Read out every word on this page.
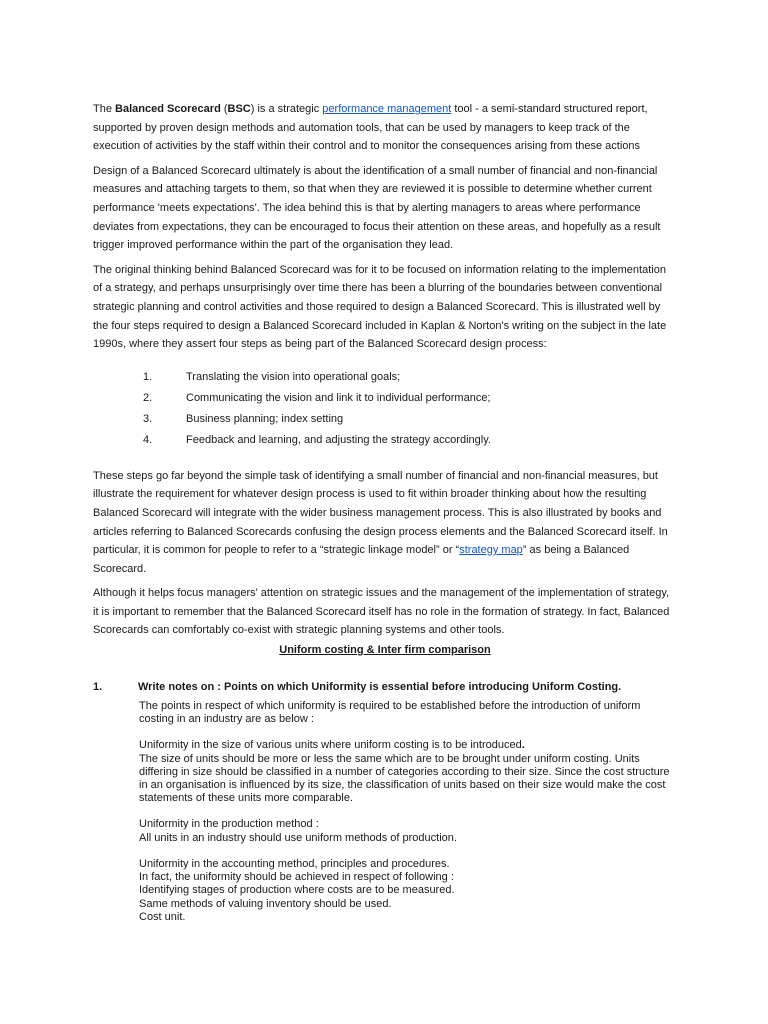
The Balanced Scorecard (BSC) is a strategic performance management tool - a semi-standard structured report, supported by proven design methods and automation tools, that can be used by managers to keep track of the execution of activities by the staff within their control and to monitor the consequences arising from these actions

Design of a Balanced Scorecard ultimately is about the identification of a small number of financial and non-financial measures and attaching targets to them, so that when they are reviewed it is possible to determine whether current performance 'meets expectations'. The idea behind this is that by alerting managers to areas where performance deviates from expectations, they can be encouraged to focus their attention on these areas, and hopefully as a result trigger improved performance within the part of the organisation they lead.

The original thinking behind Balanced Scorecard was for it to be focused on information relating to the implementation of a strategy, and perhaps unsurprisingly over time there has been a blurring of the boundaries between conventional strategic planning and control activities and those required to design a Balanced Scorecard. This is illustrated well by the four steps required to design a Balanced Scorecard included in Kaplan & Norton's writing on the subject in the late 1990s, where they assert four steps as being part of the Balanced Scorecard design process:

1.	Translating the vision into operational goals;
2.	Communicating the vision and link it to individual performance;
3.	Business planning; index setting
4.	Feedback and learning, and adjusting the strategy accordingly.

These steps go far beyond the simple task of identifying a small number of financial and non-financial measures, but illustrate the requirement for whatever design process is used to fit within broader thinking about how the resulting Balanced Scorecard will integrate with the wider business management process. This is also illustrated by books and articles referring to Balanced Scorecards confusing the design process elements and the Balanced Scorecard itself. In particular, it is common for people to refer to a “strategic linkage model” or “strategy map” as being a Balanced Scorecard.

Although it helps focus managers' attention on strategic issues and the management of the implementation of strategy, it is important to remember that the Balanced Scorecard itself has no role in the formation of strategy. In fact, Balanced Scorecards can comfortably co-exist with strategic planning systems and other tools.

Uniform costing & Inter firm comparison
1.	Write notes on : Points on which Uniformity is essential before introducing Uniform Costing.

The points in respect of which uniformity is required to be established before the introduction of uniform costing in an industry are as below :

Uniformity in the size of various units where uniform costing is to be introduced.

The size of units should be more or less the same which are to be brought under uniform costing. Units differing in size should be classified in a number of categories according to their size. Since the cost structure in an organisation is influenced by its size, the classification of units based on their size would make the cost statements of these units more comparable.

Uniformity in the production method :

All units in an industry should use uniform methods of production.

Uniformity in the accounting method, principles and procedures.

In fact, the uniformity should be achieved in respect of following :

Identifying stages of production where costs are to be measured.

Same methods of valuing inventory should be used.

Cost unit.
